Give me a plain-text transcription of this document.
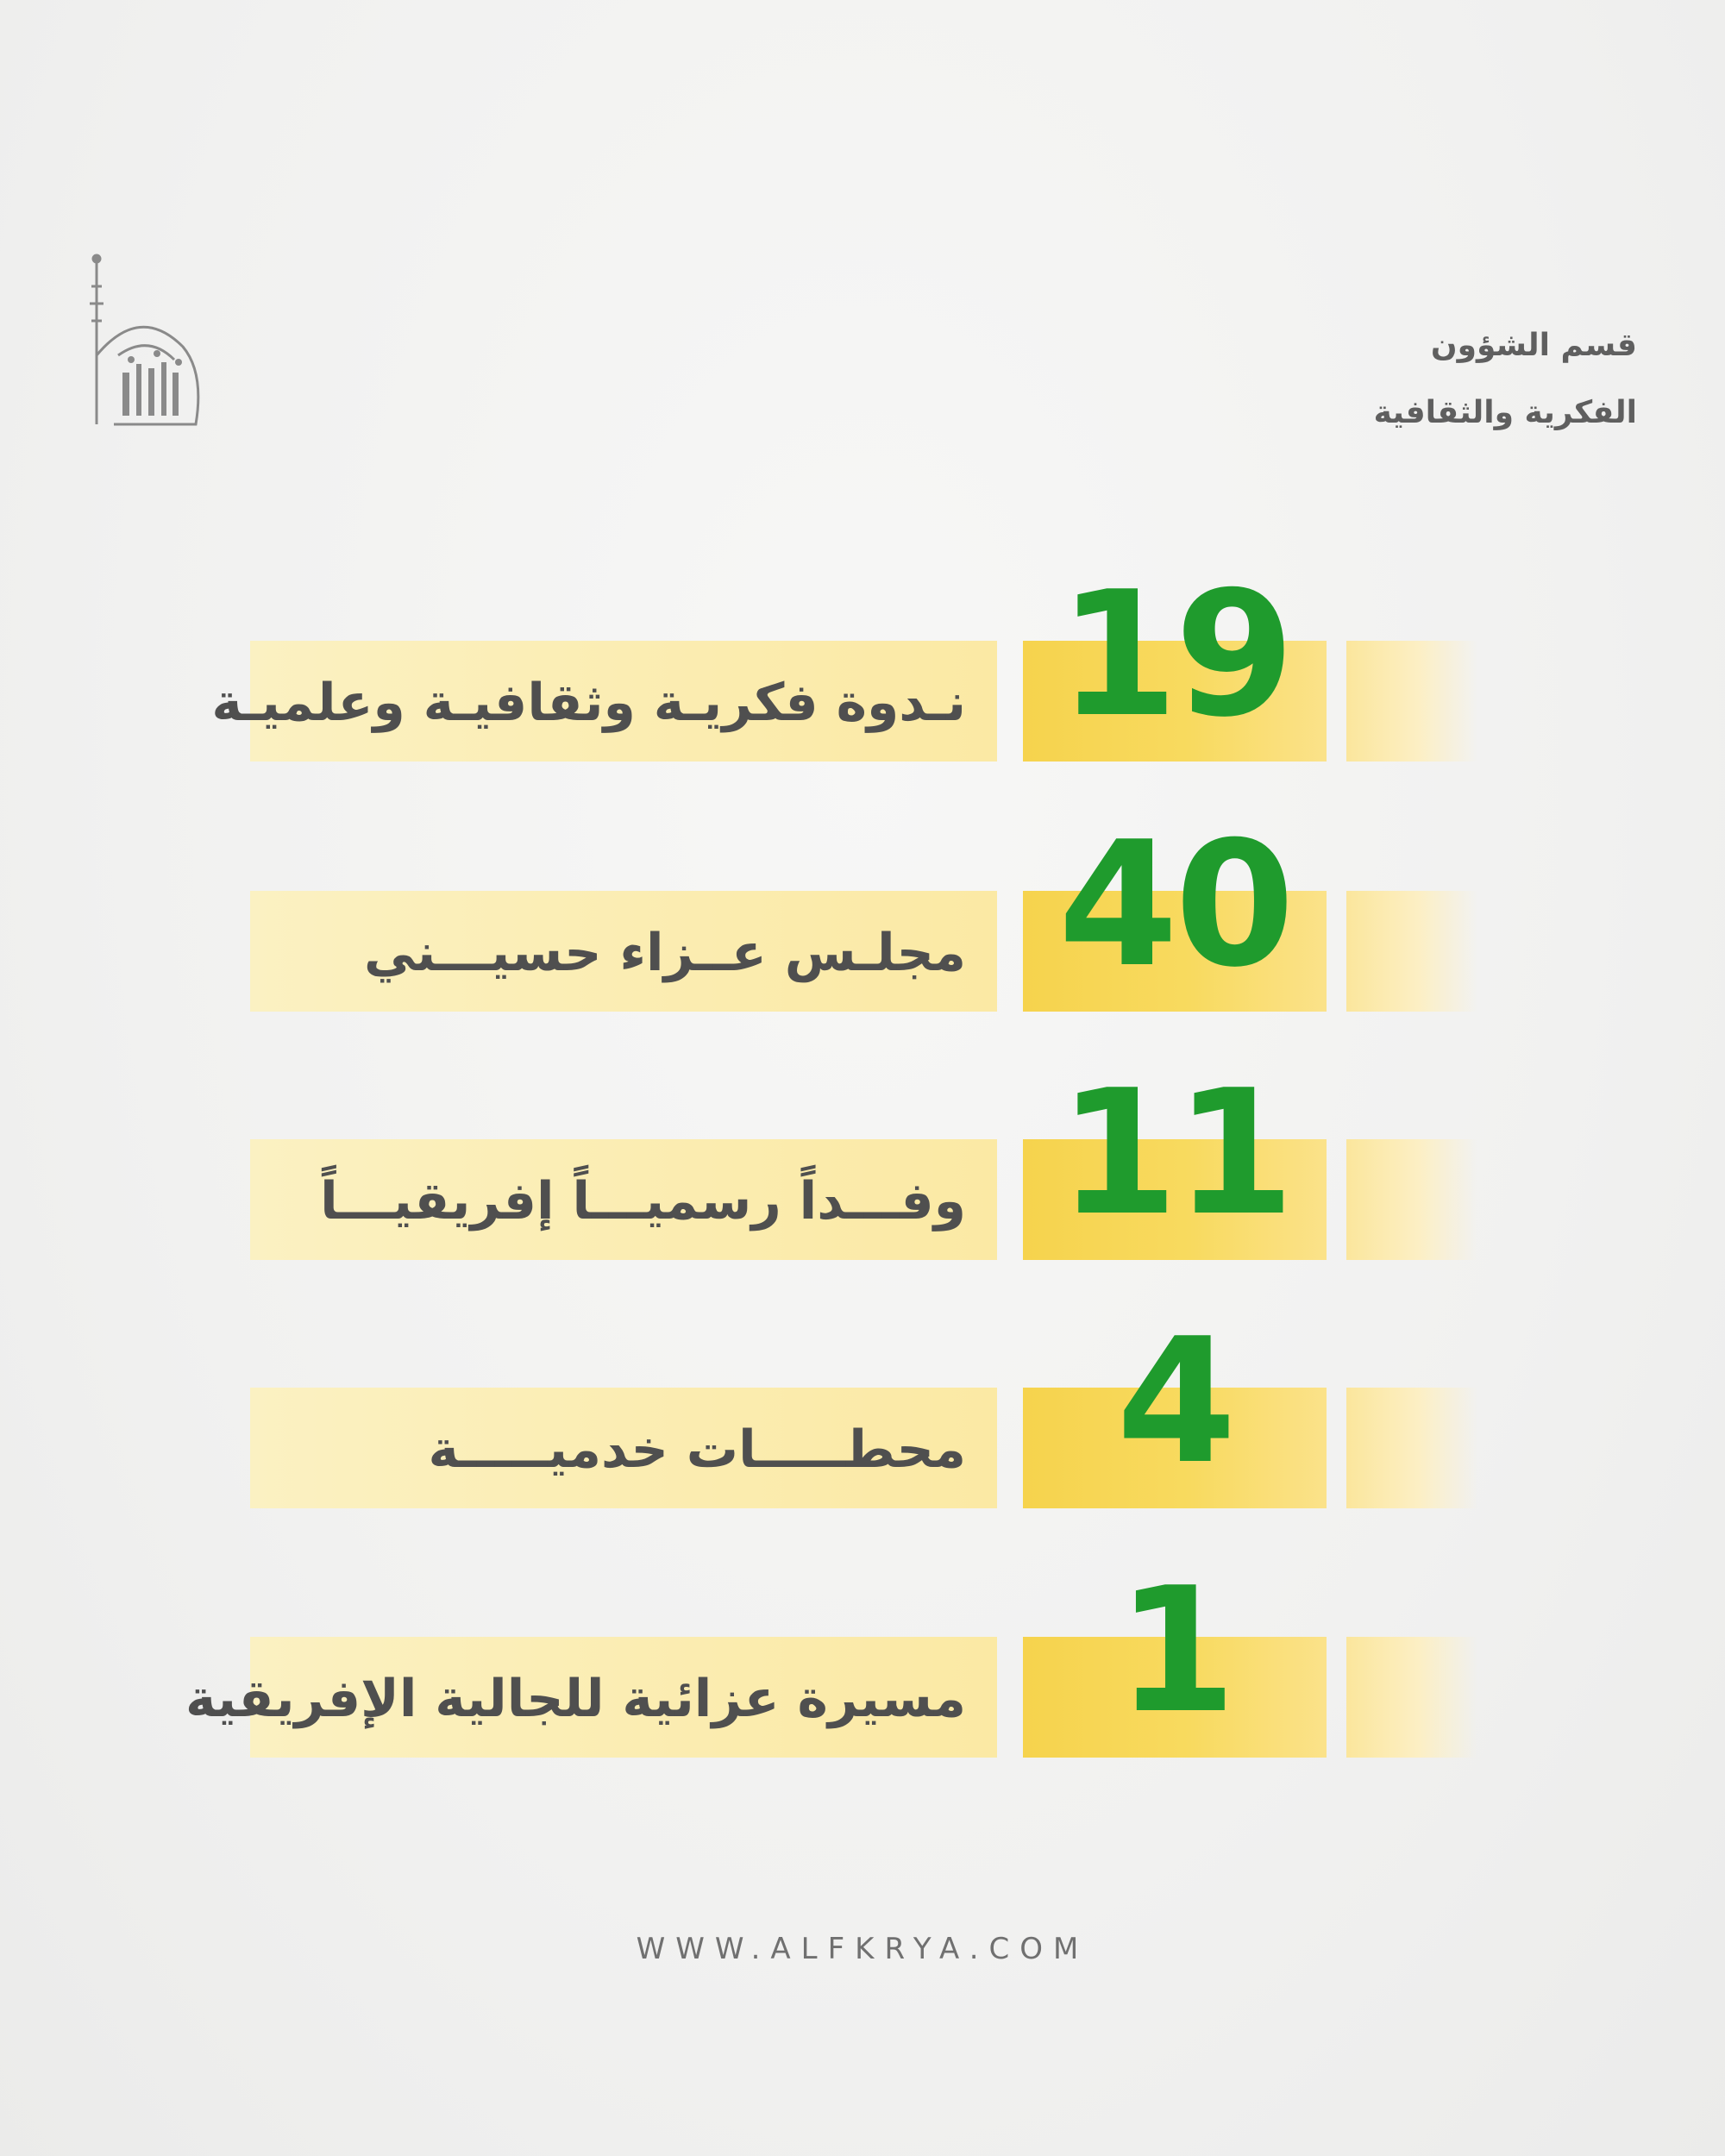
قسم الشؤون
الفكرية والثقافية
نـدوة فكريـة وثقافيـة وعلميـة 19
مجلـس عــزاء حسيـــني 40
وفـــداً رسميـــاً إفريقيـــاً 11
محطـــــات خدميـــــة 4
مسيرة عزائية للجالية الإفريقية 1
WWW.ALFKRYA.COM
